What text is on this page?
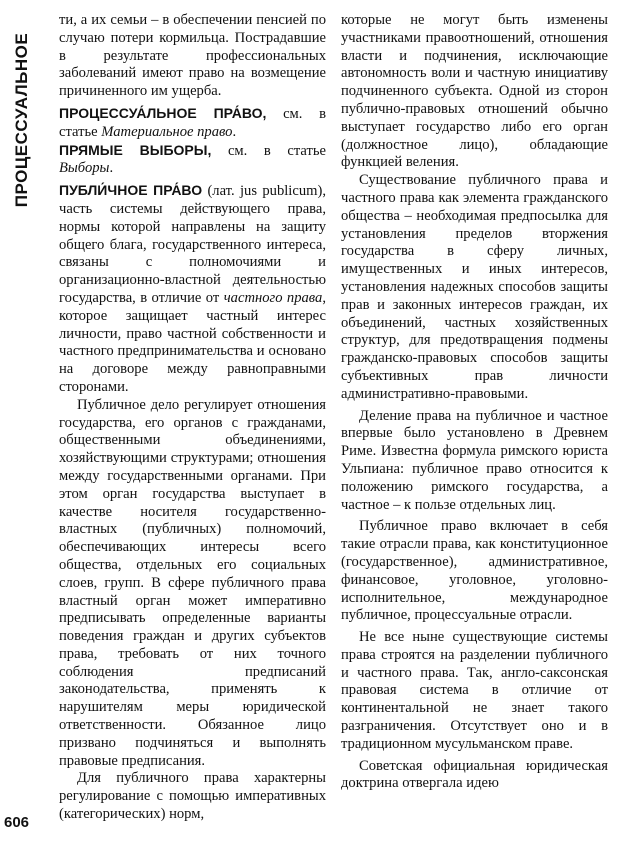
ПРОЦЕССУАЛЬНОЕ
606

ти, а их семьи – в обеспечении пенсией по случаю потери кормильца. Пострадавшие в результате профессиональных заболеваний имеют право на возмещение причиненного им ущерба.

ПРОЦЕССУА́ЛЬНОЕ ПРА́ВО, см. в статье Материальное право.

ПРЯМЫЕ ВЫБОРЫ, см. в статье Выборы.

ПУБЛИ́ЧНОЕ ПРА́ВО (лат. jus publicum), часть системы действующего права, нормы которой направлены на защиту общего блага, государственного интереса, связаны с полномочиями и организационно-властной деятельностью государства, в отличие от частного права, которое защищает частный интерес личности, право частной собственности и частного предпринимательства и основано на договоре между равноправными сторонами.

Публичное дело регулирует отношения государства, его органов с гражданами, общественными объединениями, хозяйствующими структурами; отношения между государственными органами. При этом орган государства выступает в качестве носителя государственно-властных (публичных) полномочий, обеспечивающих интересы всего общества, отдельных его социальных слоев, групп. В сфере публичного права властный орган может императивно предписывать определенные варианты поведения граждан и других субъектов права, требовать от них точного соблюдения предписаний законодательства, применять к нарушителям меры юридической ответственности. Обязанное лицо призвано подчиняться и выполнять правовые предписания.

Для публичного права характерны регулирование с помощью императивных (категорических) норм,

которые не могут быть изменены участниками правоотношений, отношения власти и подчинения, исключающие автономность воли и частную инициативу подчиненного субъекта. Одной из сторон публично-правовых отношений обычно выступает государство либо его орган (должностное лицо), обладающие функцией веления.

Существование публичного права и частного права как элемента гражданского общества – необходимая предпосылка для установления пределов вторжения государства в сферу личных, имущественных и иных интересов, установления надежных способов защиты прав и законных интересов граждан, их объединений, частных хозяйственных структур, для предотвращения подмены гражданско-правовых способов защиты субъективных прав личности административно-правовыми.

Деление права на публичное и частное впервые было установлено в Древнем Риме. Известна формула римского юриста Ульпиана: публичное право относится к положению римского государства, а частное – к пользе отдельных лиц.

Публичное право включает в себя такие отрасли права, как конституционное (государственное), административное, финансовое, уголовное, уголовно-исполнительное, международное публичное, процессуальные отрасли.

Не все ныне существующие системы права строятся на разделении публичного и частного права. Так, англо-саксонская правовая система в отличие от континентальной не знает такого разграничения. Отсутствует оно и в традиционном мусульманском праве.

Советская официальная юридическая доктрина отвергала идею
